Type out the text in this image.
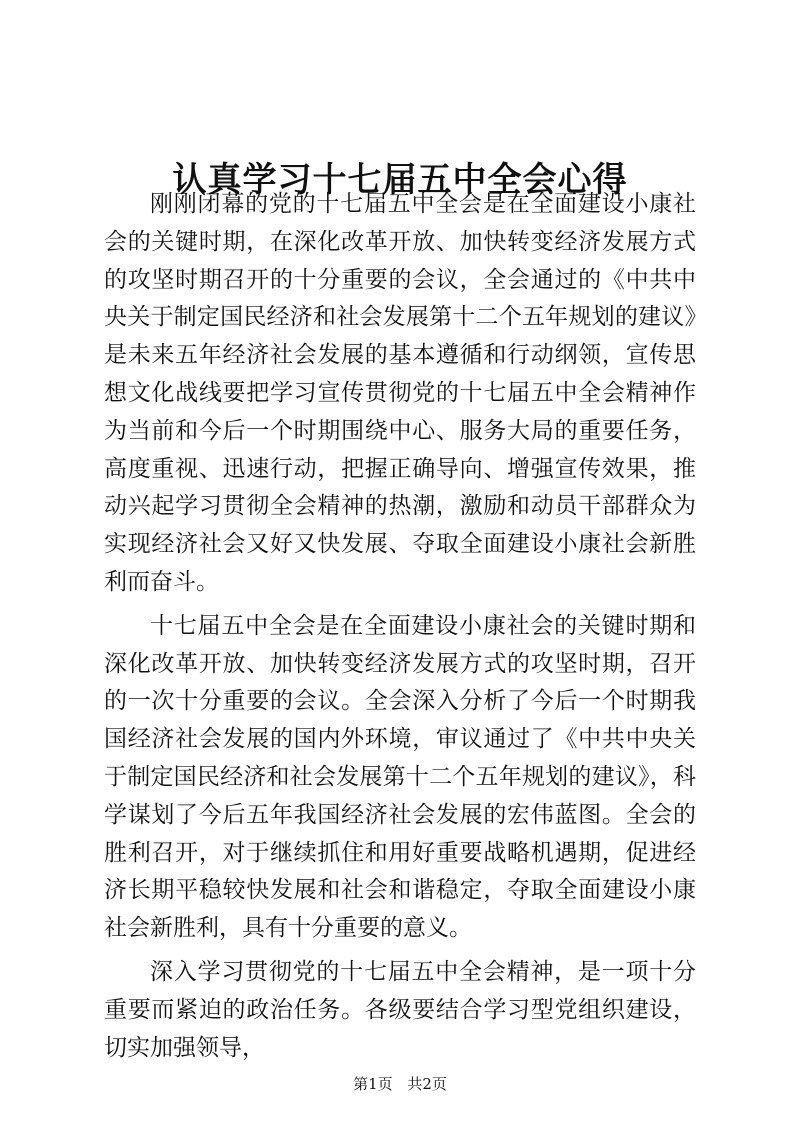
认真学习十七届五中全会心得

刚刚闭幕的党的十七届五中全会是在全面建设小康社会的关键时期，在深化改革开放、加快转变经济发展方式的攻坚时期召开的十分重要的会议，全会通过的《中共中央关于制定国民经济和社会发展第十二个五年规划的建议》是未来五年经济社会发展的基本遵循和行动纲领，宣传思想文化战线要把学习宣传贯彻党的十七届五中全会精神作为当前和今后一个时期围绕中心、服务大局的重要任务，高度重视、迅速行动，把握正确导向、增强宣传效果，推动兴起学习贯彻全会精神的热潮，激励和动员干部群众为实现经济社会又好又快发展、夺取全面建设小康社会新胜利而奋斗。

十七届五中全会是在全面建设小康社会的关键时期和深化改革开放、加快转变经济发展方式的攻坚时期，召开的一次十分重要的会议。全会深入分析了今后一个时期我国经济社会发展的国内外环境，审议通过了《中共中央关于制定国民经济和社会发展第十二个五年规划的建议》，科学谋划了今后五年我国经济社会发展的宏伟蓝图。全会的胜利召开，对于继续抓住和用好重要战略机遇期，促进经济长期平稳较快发展和社会和谐稳定，夺取全面建设小康社会新胜利，具有十分重要的意义。

深入学习贯彻党的十七届五中全会精神，是一项十分重要而紧迫的政治任务。各级要结合学习型党组织建设，切实加强领导，

第1页 共2页
